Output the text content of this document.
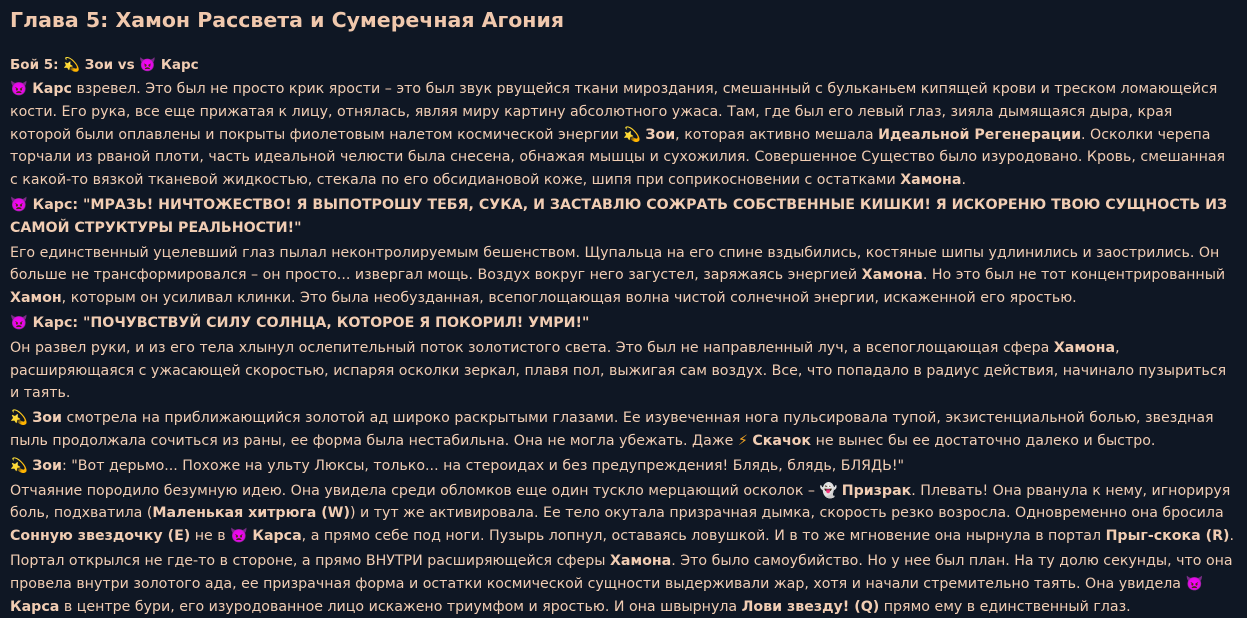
Глава 5: Хамон Рассвета и Сумеречная Агония
Бой 5: 💫 Зои vs 👿 Карс

👿 Карс взревел. Это был не просто крик ярости – это был звук рвущейся ткани мироздания, смешанный с бульканьем кипящей крови и треском ломающейся кости. Его рука, все еще прижатая к лицу, отнялась, являя миру картину абсолютного ужаса. Там, где был его левый глаз, зияла дымящаяся дыра, края которой были оплавлены и покрыты фиолетовым налетом космической энергии 💫 Зои, которая активно мешала Идеальной Регенерации. Осколки черепа торчали из рваной плоти, часть идеальной челюсти была снесена, обнажая мышцы и сухожилия. Совершенное Существо было изуродовано. Кровь, смешанная с какой-то вязкой тканевой жидкостью, стекала по его обсидиановой коже, шипя при соприкосновении с остатками Хамона.

👿 Карс: "МРАЗЬ! НИЧТОЖЕСТВО! Я ВЫПОТРОШУ ТЕБЯ, СУКА, И ЗАСТАВЛЮ СОЖРАТЬ СОБСТВЕННЫЕ КИШКИ! Я ИСКОРЕНЮ ТВОЮ СУЩНОСТЬ ИЗ САМОЙ СТРУКТУРЫ РЕАЛЬНОСТИ!"

Его единственный уцелевший глаз пылал неконтролируемым бешенством. Щупальца на его спине вздыбились, костяные шипы удлинились и заострились. Он больше не трансформировался – он просто... извергал мощь. Воздух вокруг него загустел, заряжаясь энергией Хамона. Но это был не тот концентрированный Хамон, которым он усиливал клинки. Это была необузданная, всепоглощающая волна чистой солнечной энергии, искаженной его яростью.

👿 Карс: "ПОЧУВСТВУЙ СИЛУ СОЛНЦА, КОТОРОЕ Я ПОКОРИЛ! УМРИ!"

Он развел руки, и из его тела хлынул ослепительный поток золотистого света. Это был не направленный луч, а всепоглощающая сфера Хамона, расширяющаяся с ужасающей скоростью, испаряя осколки зеркал, плавя пол, выжигая сам воздух. Все, что попадало в радиус действия, начинало пузыриться и таять.

💫 Зои смотрела на приближающийся золотой ад широко раскрытыми глазами. Ее изувеченная нога пульсировала тупой, экзистенциальной болью, звездная пыль продолжала сочиться из раны, ее форма была нестабильна. Она не могла убежать. Даже ⚡ Скачок не вынес бы ее достаточно далеко и быстро.

💫 Зои: "Вот дерьмо... Похоже на ульту Люксы, только... на стероидах и без предупреждения! Блядь, блядь, БЛЯДЬ!"

Отчаяние породило безумную идею. Она увидела среди обломков еще один тускло мерцающий осколок – 👻 Призрак. Плевать! Она рванула к нему, игнорируя боль, подхватила (Маленькая хитрюга (W)) и тут же активировала. Ее тело окутала призрачная дымка, скорость резко возросла. Одновременно она бросила Сонную звездочку (E) не в 👿 Карса, а прямо себе под ноги. Пузырь лопнул, оставаясь ловушкой. И в то же мгновение она нырнула в портал Прыг-скока (R).

Портал открылся не где-то в стороне, а прямо ВНУТРИ расширяющейся сферы Хамона. Это было самоубийство. Но у нее был план. На ту долю секунды, что она провела внутри золотого ада, ее призрачная форма и остатки космической сущности выдерживали жар, хотя и начали стремительно таять. Она увидела 👿 Карса в центре бури, его изуродованное лицо искажено триумфом и яростью. И она швырнула Лови звезду! (Q) прямо ему в единственный глаз.
